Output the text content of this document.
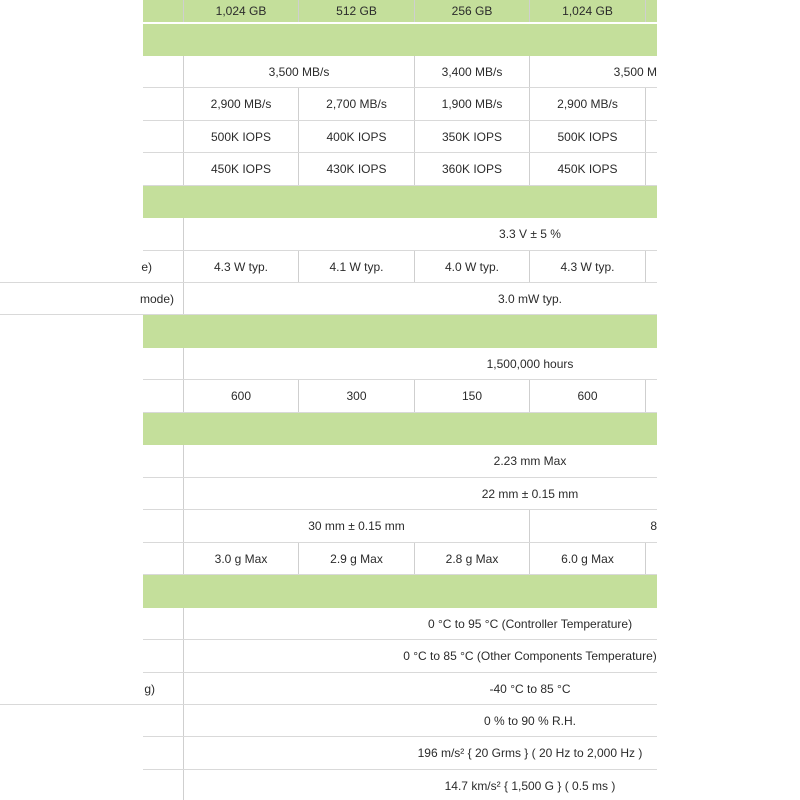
1,024 GB	512 GB	256 GB	1,024 GB
3,500 MB/s	3,400 MB/s	3,500 M
2,900 MB/s	2,700 MB/s	1,900 MB/s	2,900 MB/s
500K IOPS	400K IOPS	350K IOPS	500K IOPS
450K IOPS	430K IOPS	360K IOPS	450K IOPS
3.3 V ± 5 %
e)	4.3 W typ.	4.1 W typ.	4.0 W typ.	4.3 W typ.
mode)	3.0 mW typ.
1,500,000 hours
600	300	150	600
2.23 mm Max
22 mm ± 0.15 mm
30 mm ± 0.15 mm	8
3.0 g Max	2.9 g Max	2.8 g Max	6.0 g Max
0 °C to 95 °C (Controller Temperature)
0 °C to 85 °C (Other Components Temperature)
g)	-40 °C to 85 °C
0 % to 90 % R.H.
196 m/s² { 20 Grms } ( 20 Hz to 2,000 Hz )
14.7 km/s² { 1,500 G } ( 0.5 ms )
